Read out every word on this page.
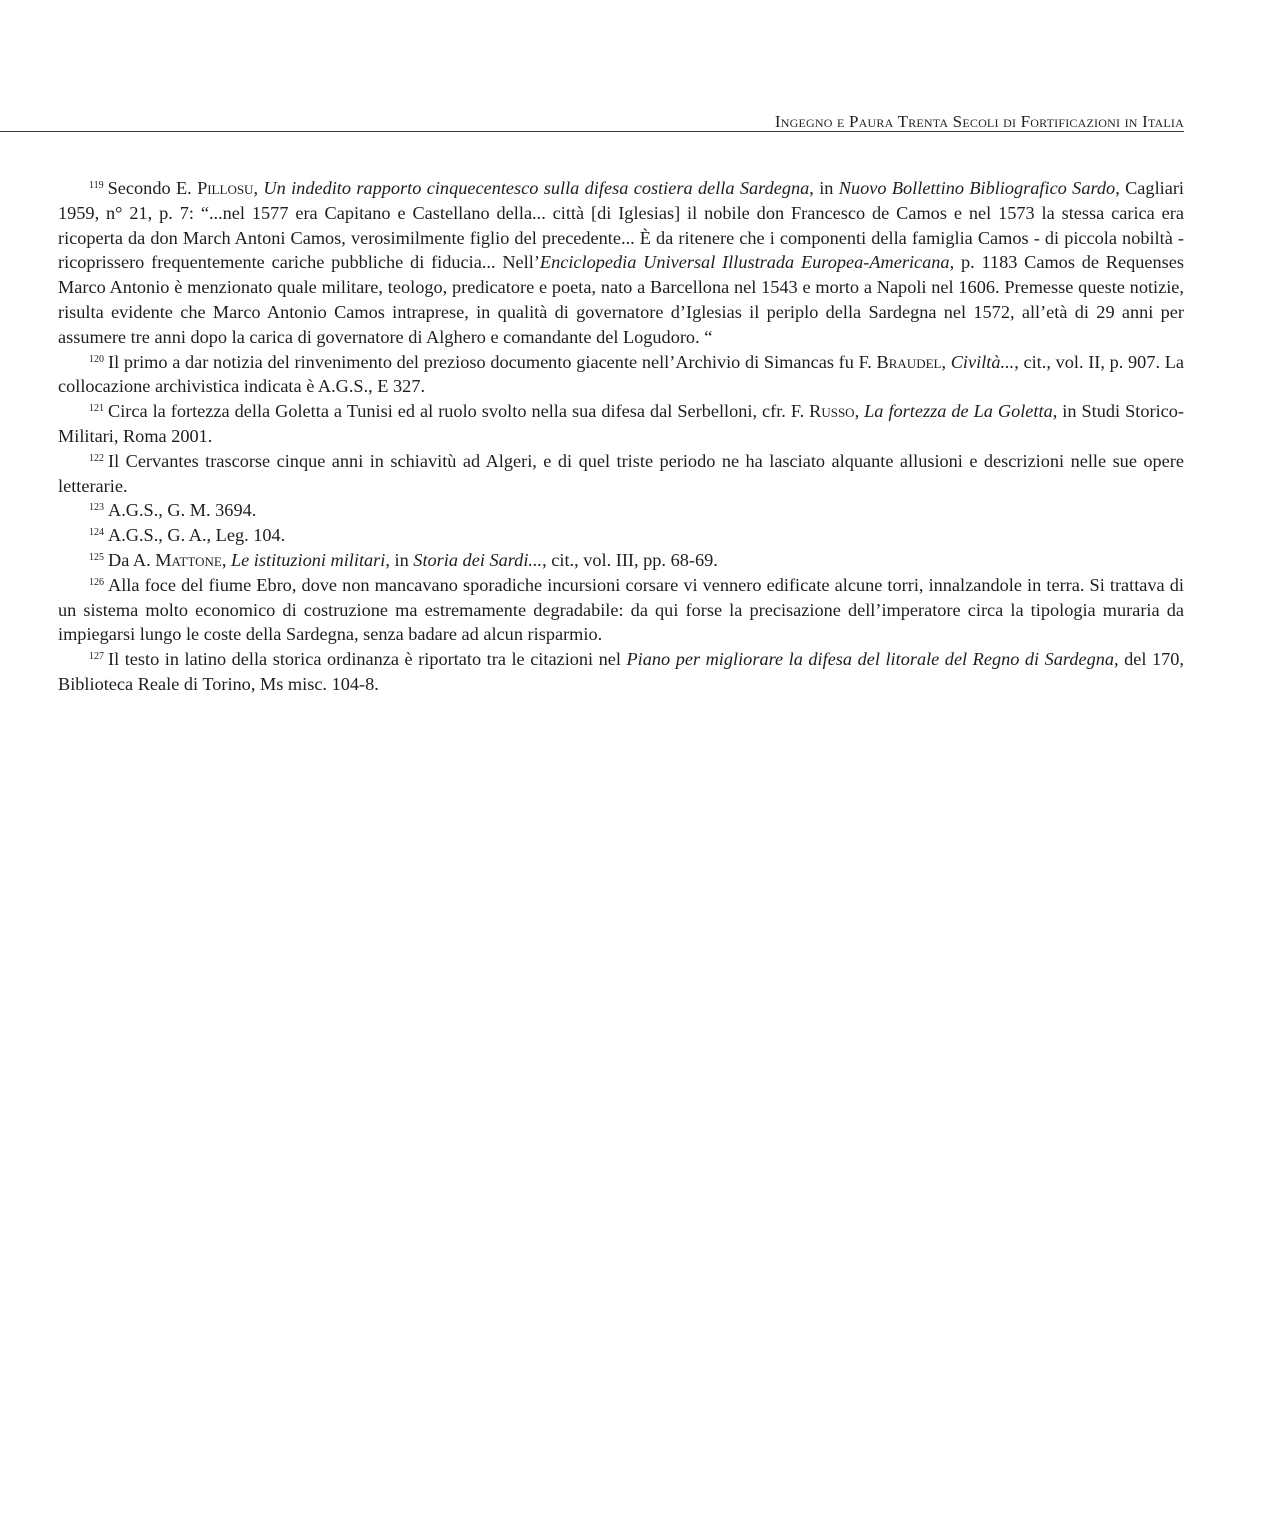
Ingegno e Paura Trenta Secoli di Fortificazioni in Italia

$^{119}$ Secondo E. Pillosu, Un indedito rapporto cinquecentesco sulla difesa costiera della Sardegna, in Nuovo Bollettino Bibliografico Sardo, Cagliari 1959, n° 21, p. 7: “...nel 1577 era Capitano e Castellano della... città [di Iglesias] il nobile don Francesco de Camos e nel 1573 la stessa carica era ricoperta da don March Antoni Camos, verosimilmente figlio del precedente... È da ritenere che i componenti della famiglia Camos - di piccola nobiltà - ricoprissero frequentemente cariche pubbliche di fiducia... Nell’Enciclopedia Universal Illustrada Europea-Americana, p. 1183 Camos de Requenses Marco Antonio è menzionato quale militare, teologo, predicatore e poeta, nato a Barcellona nel 1543 e morto a Napoli nel 1606. Premesse queste notizie, risulta evidente che Marco Antonio Camos intraprese, in qualità di governatore d’Iglesias il periplo della Sardegna nel 1572, all’età di 29 anni per assumere tre anni dopo la carica di governatore di Alghero e comandante del Logudoro. “

$^{120}$ Il primo a dar notizia del rinvenimento del prezioso documento giacente nell’Archivio di Simancas fu F. Braudel, Civiltà..., cit., vol. II, p. 907. La collocazione archivistica indicata è A.G.S., E 327.

$^{121}$ Circa la fortezza della Goletta a Tunisi ed al ruolo svolto nella sua difesa dal Serbelloni, cfr. F. Russo, La fortezza de La Goletta, in Studi Storico-Militari, Roma 2001.

$^{122}$ Il Cervantes trascorse cinque anni in schiavitù ad Algeri, e di quel triste periodo ne ha lasciato alquante allusioni e descrizioni nelle sue opere letterarie.

$^{123}$ A.G.S., G. M. 3694.

$^{124}$ A.G.S., G. A., Leg. 104.

$^{125}$ Da A. Mattone, Le istituzioni militari, in Storia dei Sardi..., cit., vol. III, pp. 68-69.

$^{126}$ Alla foce del fiume Ebro, dove non mancavano sporadiche incursioni corsare vi vennero edificate alcune torri, innalzandole in terra. Si trattava di un sistema molto economico di costruzione ma estremamente degradabile: da qui forse la precisazione dell’imperatore circa la tipologia muraria da impiegarsi lungo le coste della Sardegna, senza badare ad alcun risparmio.

$^{127}$ Il testo in latino della storica ordinanza è riportato tra le citazioni nel Piano per migliorare la difesa del litorale del Regno di Sardegna, del 170, Biblioteca Reale di Torino, Ms misc. 104-8.
